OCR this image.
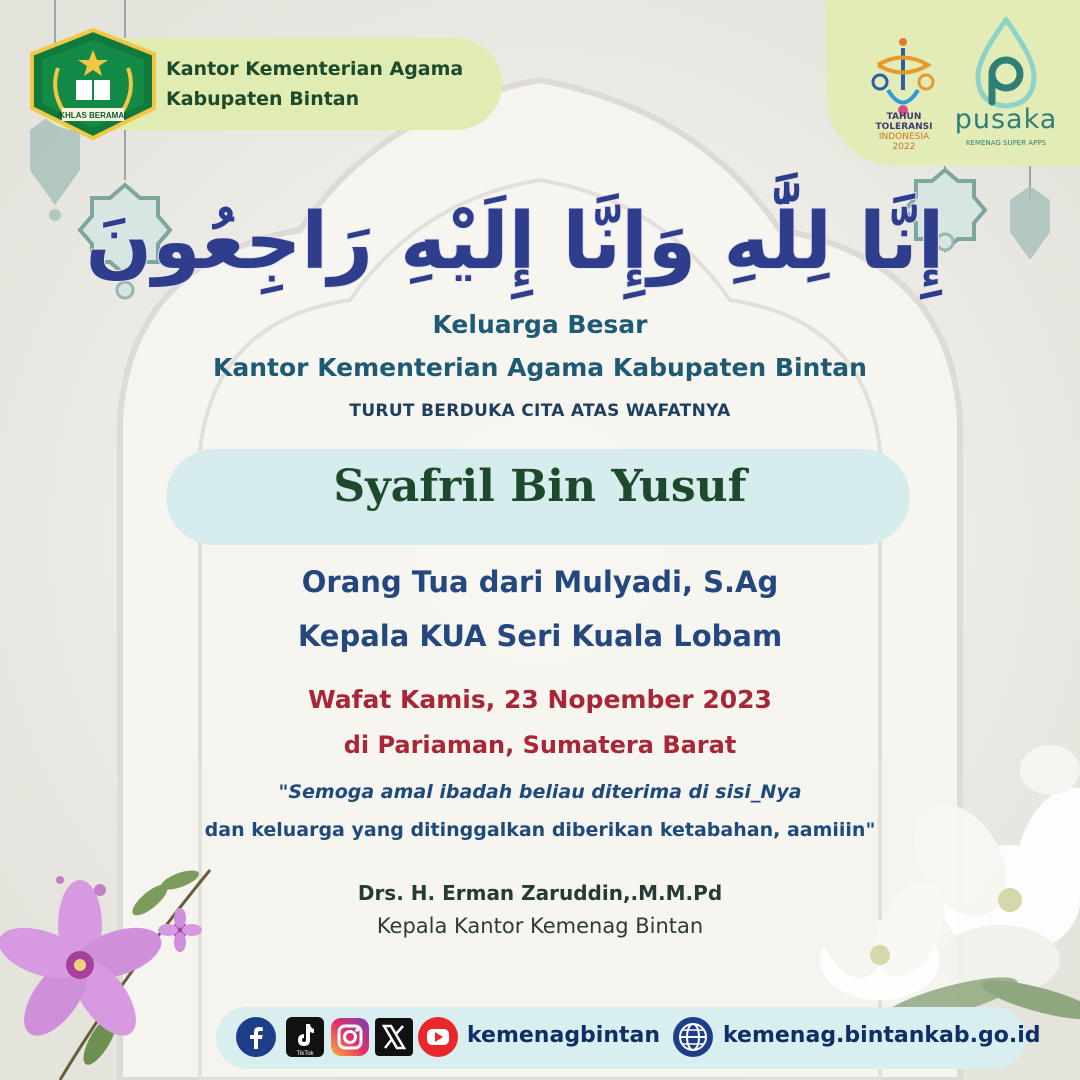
IKHLAS BERAMAL
Kantor Kementerian Agama
Kabupaten Bintan
TAHUN
TOLERANSI
INDONESIA
2022
pusaka
KEMENAG SUPER APPS
إِنَّا لِلَّٰهِ وَإِنَّا إِلَيْهِ رَاجِعُونَ
Keluarga Besar
Kantor Kementerian Agama Kabupaten Bintan
TURUT BERDUKA CITA ATAS WAFATNYA
Syafril Bin Yusuf
Orang Tua dari Mulyadi, S.Ag
Kepala KUA Seri Kuala Lobam
Wafat Kamis, 23 Nopember 2023
di Pariaman, Sumatera Barat
"Semoga amal ibadah beliau diterima di sisi_Nya
dan keluarga yang ditinggalkan diberikan ketabahan, aamiiin"
Drs. H. Erman Zaruddin,.M.M.Pd
Kepala Kantor Kemenag Bintan
TikTok
kemenagbintan	kemenag.bintankab.go.id
